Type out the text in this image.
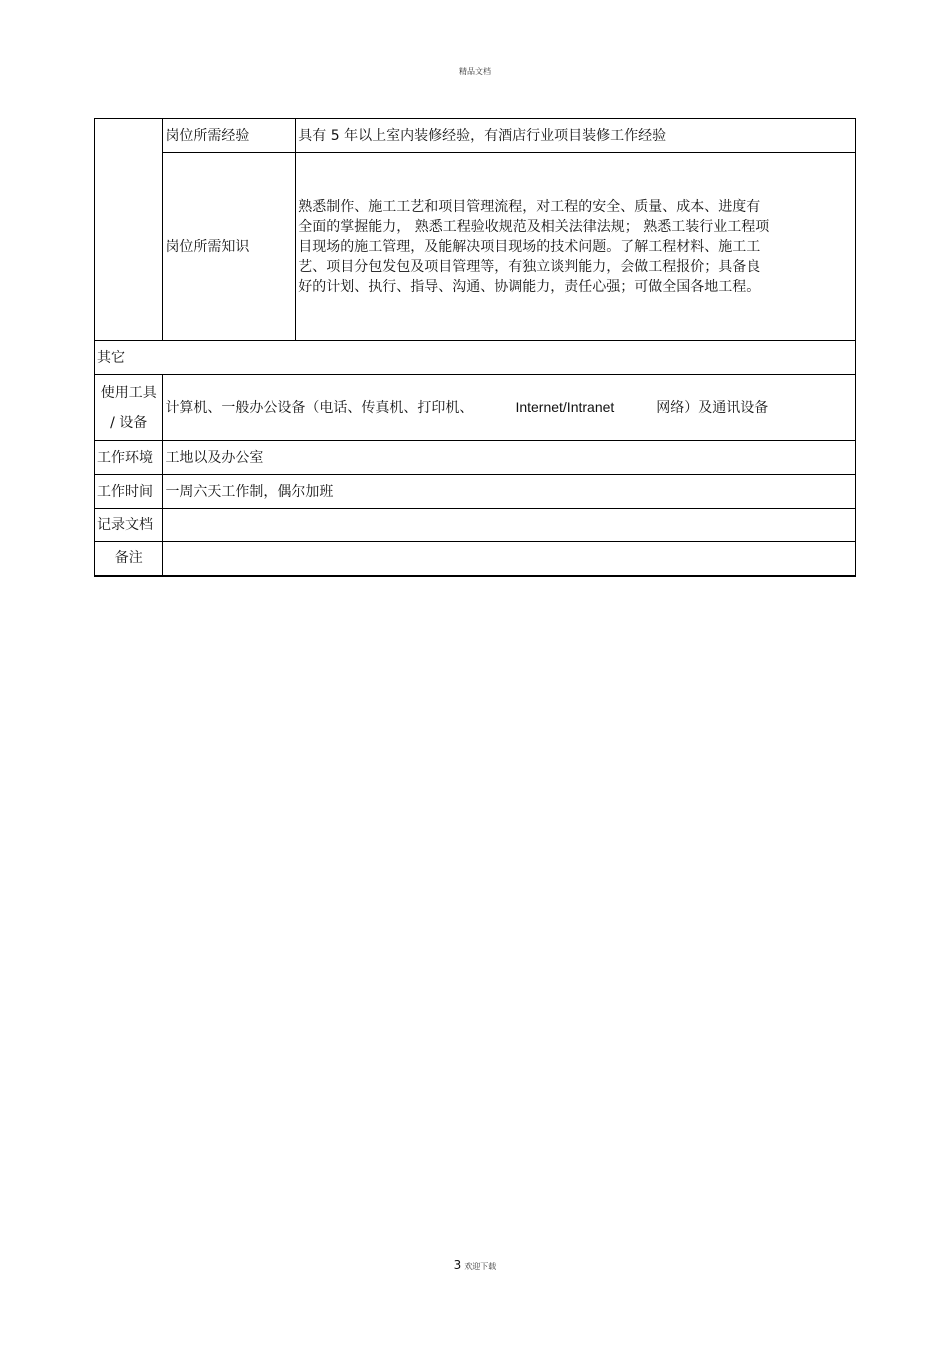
精品文档
	岗位所需经验	具有 5 年以上室内装修经验，有酒店行业项目装修工作经验
	岗位所需知识	熟悉制作、施工工艺和项目管理流程，对工程的安全、质量、成本、进度有
全面的掌握能力， 熟悉工程验收规范及相关法律法规； 熟悉工装行业工程项
目现场的施工管理，及能解决项目现场的技术问题。了解工程材料、施工工
艺、项目分包发包及项目管理等，有独立谈判能力，会做工程报价；具备良
好的计划、执行、指导、沟通、协调能力，责任心强；可做全国各地工程。

其它		

使用工具
/ 设备	计算机、一般办公设备（电话、传真机、打印机、 Internet/Intranet 网络）及通讯设备	
工作环境	工地以及办公室	
工作时间	一周六天工作制，偶尔加班	
记录文档		
备注		
3 欢迎下载
